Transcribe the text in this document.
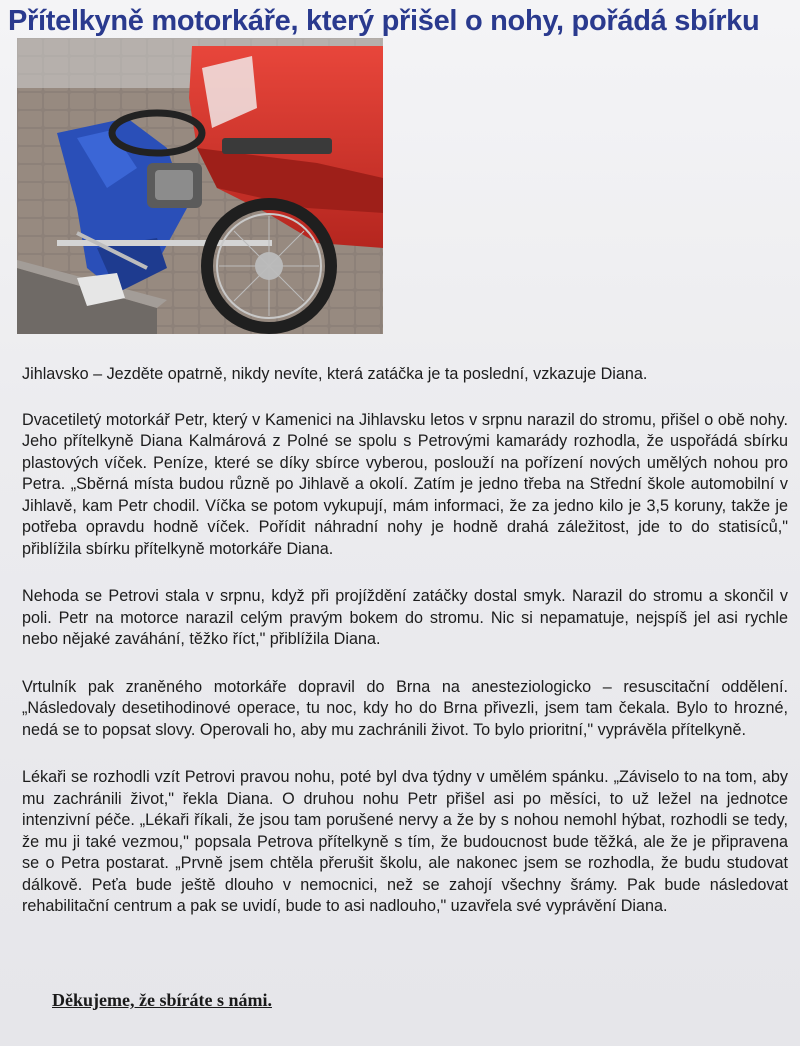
Přítelkyně motorkáře, který přišel o nohy, pořádá sbírku

Jihlavsko – Jezděte opatrně, nikdy nevíte, která zatáčka je ta poslední, vzkazuje Diana.

Dvacetiletý motorkář Petr, který v Kamenici na Jihlavsku letos v srpnu narazil do stromu, přišel o obě nohy. Jeho přítelkyně Diana Kalmárová z Polné se spolu s Petrovými kamarády rozhodla, že uspořádá sbírku plastových víček. Peníze, které se díky sbírce vyberou, poslouží na pořízení nových umělých nohou pro Petra. „Sběrná místa budou různě po Jihlavě a okolí. Zatím je jedno třeba na Střední škole automobilní v Jihlavě, kam Petr chodil. Víčka se potom vykupují, mám informaci, že za jedno kilo je 3,5 koruny, takže je potřeba opravdu hodně víček. Pořídit náhradní nohy je hodně drahá záležitost, jde to do statisíců," přiblížila sbírku přítelkyně motorkáře Diana.

Nehoda se Petrovi stala v srpnu, když při projíždění zatáčky dostal smyk. Narazil do stromu a skončil v poli. Petr na motorce narazil celým pravým bokem do stromu. Nic si nepamatuje, nejspíš jel asi rychle nebo nějaké zaváhání, těžko říct," přiblížila Diana.

Vrtulník pak zraněného motorkáře dopravil do Brna na anesteziologicko – resuscitační oddělení. „Následovaly desetihodinové operace, tu noc, kdy ho do Brna přivezli, jsem tam čekala. Bylo to hrozné, nedá se to popsat slovy. Operovali ho, aby mu zachránili život. To bylo prioritní," vyprávěla přítelkyně.

Lékaři se rozhodli vzít Petrovi pravou nohu, poté byl dva týdny v umělém spánku. „Záviselo to na tom, aby mu zachránili život," řekla Diana. O druhou nohu Petr přišel asi po měsíci, to už ležel na jednotce intenzivní péče. „Lékaři říkali, že jsou tam porušené nervy a že by s nohou nemohl hýbat, rozhodli se tedy, že mu ji také vezmou," popsala Petrova přítelkyně s tím, že budoucnost bude těžká, ale že je připravena se o Petra postarat. „Prvně jsem chtěla přerušit školu, ale nakonec jsem se rozhodla, že budu studovat dálkově. Peťa bude ještě dlouho v nemocnici, než se zahojí všechny šrámy. Pak bude následovat rehabilitační centrum a pak se uvidí, bude to asi nadlouho," uzavřela své vyprávění Diana.

Děkujeme, že sbíráte s námi.
